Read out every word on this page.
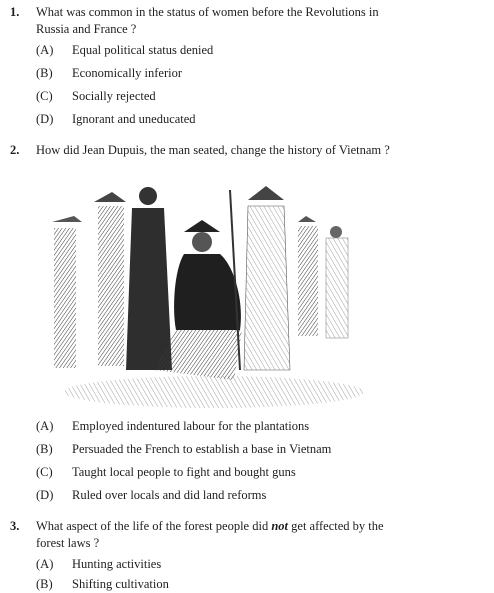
1. What was common in the status of women before the Revolutions in
Russia and France ?
(A) Equal political status denied
(B) Economically inferior
(C) Socially rejected
(D) Ignorant and uneducated
2. How did Jean Dupuis, the man seated, change the history of Vietnam ?
(A) Employed indentured labour for the plantations
(B) Persuaded the French to establish a base in Vietnam
(C) Taught local people to fight and bought guns
(D) Ruled over locals and did land reforms
3. What aspect of the life of the forest people did not get affected by the
forest laws ?
(A) Hunting activities
(B) Shifting cultivation
